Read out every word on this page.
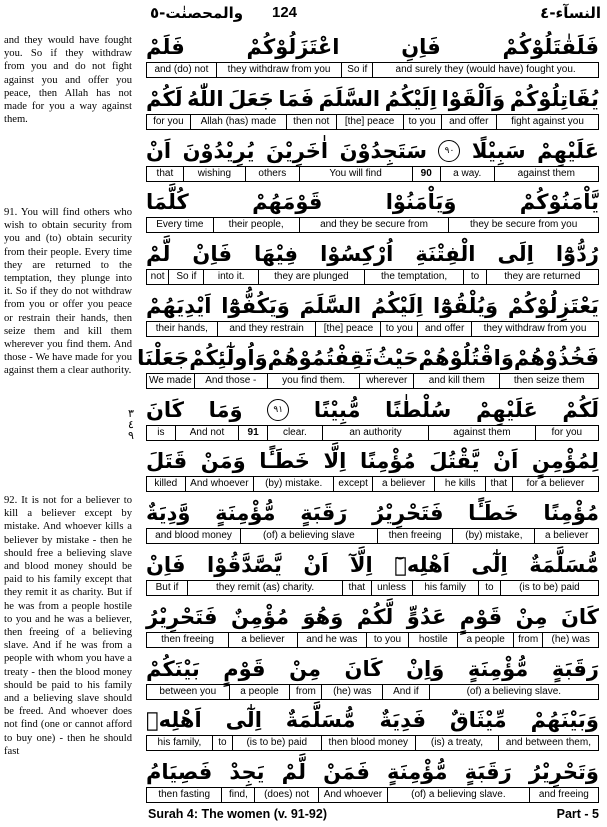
النسآء-٤
124
والمحصنٰت-٥

and they would have fought you. So if they withdraw from you and do not fight against you and offer you peace, then Allah has not made for you a way against them.

91. You will find others who wish to obtain security from you and (to) obtain security from their people. Every time they are returned to the temptation, they plunge into it. So if they do not withdraw from you or offer you peace or restrain their hands, then seize them and kill them wherever you find them. And those - We have made for you against them a clear authority.

92. It is not for a believer to kill a believer except by mistake. And whoever kills a believer by mistake - then he should free a believing slave and blood money should be paid to his family except that they remit it as charity. But if he was from a people hostile to you and he was a believer, then freeing of a believing slave. And if he was from a people with whom you have a treaty - then the blood money should be paid to his family and a believing slave should be freed. And whoever does not find (one or cannot afford to buy one) - then he should fast

٣
٤
٩
فَلَقٰتَلُوْكُمْ
فَاِنِ
اعْتَزَلُوْكُمْ
فَلَمْ
and surely they (would have) fought you.
So if
they withdraw from you
and (do) not
يُقَاتِلُوْكُمْ
وَاَلْقَوْا
اِلَيْكُمُ
السَّلَمَ
فَمَا
جَعَلَ
اللّٰهُ
لَكُمْ
fight against you
and offer
to you
[the] peace
then not
Allah (has) made
for you
عَلَيْهِمْ
سَبِيْلًا
٩٠
سَتَجِدُوْنَ
اٰخَرِيْنَ
يُرِيْدُوْنَ
اَنْ
against them
a way.
90
You will find
others
wishing
that
يَّاْمَنُوْكُمْ
وَيَاْمَنُوْا
قَوْمَهُمْ
كُلَّمَا
they be secure from you
and they be secure from
their people,
Every time
رُدُّوْٓا
اِلَى
الْفِتْنَةِ
اُرْكِسُوْا
فِيْهَا
فَاِنْ
لَّمْ
they are returned
to
the temptation,
they are plunged
into it.
So if
not
يَعْتَزِلُوْكُمْ
وَيُلْقُوْٓا
اِلَيْكُمُ
السَّلَمَ
وَيَكُفُّوْٓا
اَيْدِيَهُمْ
they withdraw from you
and offer
to you
[the] peace
and they restrain
their hands,
فَخُذُوْهُمْ
وَاقْتُلُوْهُمْ
حَيْثُ
ثَقِفْتُمُوْهُمْ
وَاُولٰٓئِكُمْ
جَعَلْنَا
then seize them
and kill them
wherever
you find them.
And those -
We made
لَكُمْ
عَلَيْهِمْ
سُلْطٰنًا
مُّبِيْنًا
٩١
وَمَا
كَانَ
for you
against them
an authority
clear.
91
And not
is
لِمُؤْمِنٍ
اَنْ
يَّقْتُلَ
مُؤْمِنًا
اِلَّا
خَطَـًٔا
وَمَنْ
قَتَلَ
for a believer
that
he kills
a believer
except
(by) mistake.
And whoever
killed
مُؤْمِنًا
خَطَـًٔا
فَتَحْرِيْرُ
رَقَبَةٍ
مُّؤْمِنَةٍ
وَّدِيَةٌ
a believer
(by) mistake,
then freeing
(of) a believing slave
and blood money
مُّسَلَّمَةٌ
اِلٰٓى
اَهْلِهٖٓ
اِلَّآ
اَنْ
يَّصَّدَّقُوْا
فَاِنْ
(is to be) paid
to
his family
unless
that
they remit (as) charity.
But if
كَانَ
مِنْ
قَوْمٍ
عَدُوٍّ
لَّكُمْ
وَهُوَ
مُؤْمِنٌ
فَتَحْرِيْرُ
(he) was
from
a people
hostile
to you
and he was
a believer
then freeing
رَقَبَةٍ
مُّؤْمِنَةٍ
وَاِنْ
كَانَ
مِنْ
قَوْمٍ
بَيْنَكُمْ
(of) a believing slave.
And if
(he) was
from
a people
between you
وَبَيْنَهُمْ
مِّيْثَاقٌ
فَدِيَةٌ
مُّسَلَّمَةٌ
اِلٰٓى
اَهْلِهٖ
and between them,
(is) a treaty,
then blood money
(is to be) paid
to
his family,
وَتَحْرِيْرُ
رَقَبَةٍ
مُّؤْمِنَةٍ
فَمَنْ
لَّمْ
يَجِدْ
فَصِيَامُ
and freeing
(of) a believing slave.
And whoever
(does) not
find,
then fasting
Surah 4: The women (v. 91-92)	Part - 5
